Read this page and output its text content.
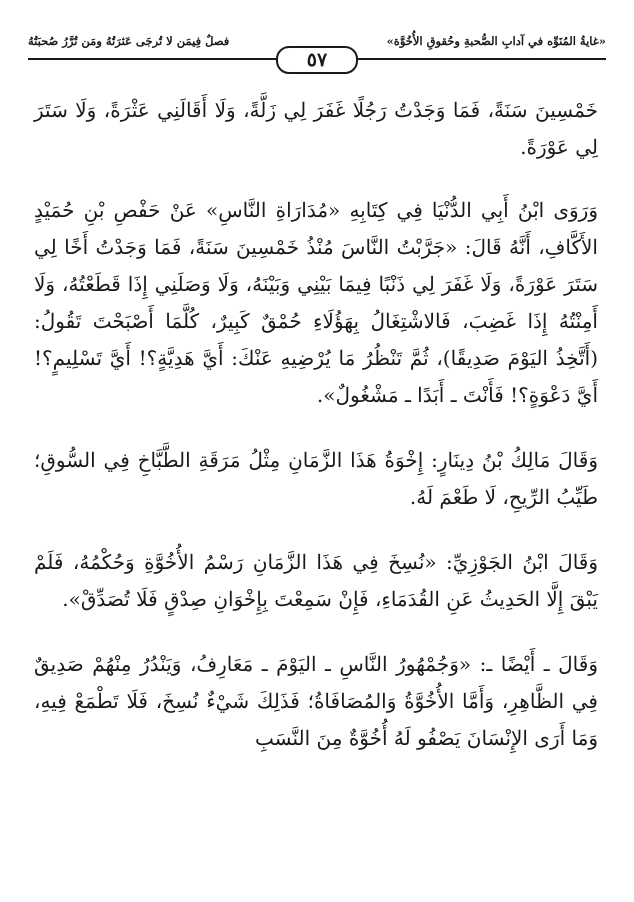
«غايةُ المُنَوِّه في آدابِ الصُّحبةِ وحُقوقِ الأُخُوَّة»
فصلٌ فِيمَن لا تُرجَى عَثرَتُهُ ومَن تُرَّرُ صُحبَتُهُ
٥٧

خَمْسِينَ سَنَةً، فَمَا وَجَدْتُ رَجُلًا غَفَرَ لِي زَلَّةً، وَلَا أَقَالَنِي عَثْرَةً، وَلَا سَتَرَ لِي عَوْرَةً.

وَرَوَى ابْنُ أَبِي الدُّنْيَا فِي كِتَابِهِ «مُدَارَاةِ النَّاسِ» عَنْ حَفْصِ بْنِ حُمَيْدٍ الأَكَّافِ، أَنَّهُ قَالَ: «جَرَّبْتُ النَّاسَ مُنْذُ خَمْسِينَ سَنَةً، فَمَا وَجَدْتُ أَخًا لِي سَتَرَ عَوْرَةً، وَلَا غَفَرَ لِي ذَنْبًا فِيمَا بَيْنِي وَبَيْنَهُ، وَلَا وَصَلَنِي إِذَا قَطَعْتُهُ، وَلَا أَمِنْتُهُ إِذَا غَضِبَ، فَالاشْتِغَالُ بِهَؤُلَاءِ حُمْقٌ كَبِيرٌ، كُلَّمَا أَصْبَحْتَ تَقُولُ: (أَتَّخِذُ اليَوْمَ صَدِيقًا)، ثُمَّ تَنْظُرُ مَا يُرْضِيهِ عَنْكَ: أَيَّ هَدِيَّةٍ؟! أَيَّ تَسْلِيمٍ؟! أَيَّ دَعْوَةٍ؟! فَأَنْتَ ـ أَبَدًا ـ مَشْغُولٌ».

وَقَالَ مَالِكُ بْنُ دِينَارٍ: إِخْوَةُ هَذَا الزَّمَانِ مِثْلُ مَرَقَةِ الطَّبَّاخِ فِي السُّوقِ؛ طَيِّبُ الرِّيحِ، لَا طَعْمَ لَهُ.

وَقَالَ ابْنُ الجَوْزِيِّ: «نُسِخَ فِي هَذَا الزَّمَانِ رَسْمُ الأُخُوَّةِ وَحُكْمُهُ، فَلَمْ يَبْقَ إِلَّا الحَدِيثُ عَنِ القُدَمَاءِ، فَإِنْ سَمِعْتَ بِإِخْوَانِ صِدْقٍ فَلَا تُصَدِّقْ».

وَقَالَ ـ أَيْضًا ـ: «وَجُمْهُورُ النَّاسِ ـ اليَوْمَ ـ مَعَارِفُ، وَيَنْدُرُ مِنْهُمْ صَدِيقٌ فِي الظَّاهِرِ، وَأَمَّا الأُخُوَّةُ وَالمُصَافَاةُ؛ فَذَلِكَ شَيْءٌ نُسِخَ، فَلَا تَطْمَعْ فِيهِ، وَمَا أَرَى الإِنْسَانَ يَصْفُو لَهُ أُخُوَّةٌ مِنَ النَّسَبِ
